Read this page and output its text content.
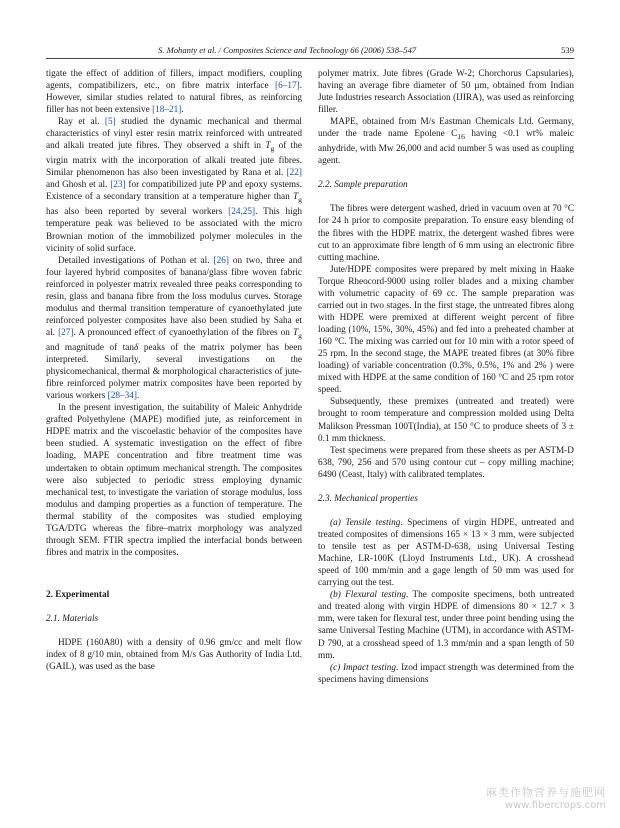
S. Mohanty et al. / Composites Science and Technology 66 (2006) 538–547	539

tigate the effect of addition of fillers, impact modifiers, coupling agents, compatibilizers, etc., on fibre matrix interface [6–17]. However, similar studies related to natural fibres, as reinforcing filler has not been extensive [18–21].

Ray et al. [5] studied the dynamic mechanical and thermal characteristics of vinyl ester resin matrix reinforced with untreated and alkali treated jute fibres. They observed a shift in $T_g$ of the virgin matrix with the incorporation of alkali treated jute fibres. Similar phenomenon has also been investigated by Rana et al. [22] and Ghosh et al. [23] for compatibilized jute PP and epoxy systems. Existence of a secondary transition at a temperature higher than $T_g$ has also been reported by several workers [24,25]. This high temperature peak was believed to be associated with the micro Brownian motion of the immobilized polymer molecules in the vicinity of solid surface.

Detailed investigations of Pothan et al. [26] on two, three and four layered hybrid composites of banana/glass fibre woven fabric reinforced in polyester matrix revealed three peaks corresponding to resin, glass and banana fibre from the loss modulus curves. Storage modulus and thermal transition temperature of cyanoethylated jute reinforced polyester composites have also been studied by Saha et al. [27]. A pronounced effect of cyanoethylation of the fibres on $T_g$ and magnitude of tanδ peaks of the matrix polymer has been interpreted. Similarly, several investigations on the physicomechanical, thermal & morphological characteristics of jute-fibre reinforced polymer matrix composites have been reported by various workers [28–34].

In the present investigation, the suitability of Maleic Anhydride grafted Polyethylene (MAPE) modified jute, as reinforcement in HDPE matrix and the viscoelastic behavior of the composites have been studied. A systematic investigation on the effect of fibre loading, MAPE concentration and fibre treatment time was undertaken to obtain optimum mechanical strength. The composites were also subjected to periodic stress employing dynamic mechanical test, to investigate the variation of storage modulus, loss modulus and damping properties as a function of temperature. The thermal stability of the composites was studied employing TGA/DTG whereas the fibre–matrix morphology was analyzed through SEM. FTIR spectra implied the interfacial bonds between fibres and matrix in the composites.

2. Experimental
2.1. Materials

HDPE (160A80) with a density of 0.96 gm/cc and melt flow index of 8 g/10 min, obtained from M/s Gas Authority of India Ltd. (GAIL), was used as the base

polymer matrix. Jute fibres (Grade W-2; Chorchorus Capsularies), having an average fibre diameter of 50 µm, obtained from Indian Jute Industries research Association (IJIRA), was used as reinforcing filler.

MAPE, obtained from M/s Eastman Chemicals Ltd. Germany, under the trade name Epolene $C_{16}$ having <0.1 wt% maleic anhydride, with Mw 26,000 and acid number 5 was used as coupling agent.

2.2. Sample preparation

The fibres were detergent washed, dried in vacuum oven at 70 °C for 24 h prior to composite preparation. To ensure easy blending of the fibres with the HDPE matrix, the detergent washed fibres were cut to an approximate fibre length of 6 mm using an electronic fibre cutting machine.

Jute/HDPE composites were prepared by melt mixing in Haake Torque Rheocord-9000 using roller blades and a mixing chamber with volumetric capacity of 69 cc. The sample preparation was carried out in two stages. In the first stage, the untreated fibres along with HDPE were premixed at different weight percent of fibre loading (10%, 15%, 30%, 45%) and fed into a preheated chamber at 160 °C. The mixing was carried out for 10 min with a rotor speed of 25 rpm. In the second stage, the MAPE treated fibres (at 30% fibre loading) of variable concentration (0.3%, 0.5%, 1% and 2% ) were mixed with HDPE at the same condition of 160 °C and 25 rpm rotor speed.

Subsequently, these premixes (untreated and treated) were brought to room temperature and compression molded using Delta Malikson Pressman 100T(India), at 150 °C to produce sheets of 3 ± 0.1 mm thickness.

Test specimens were prepared from these sheets as per ASTM-D 638, 790, 256 and 570 using contour cut – copy milling machine; 6490 (Ceast, Italy) with calibrated templates.

2.3. Mechanical properties

(a) Tensile testing. Specimens of virgin HDPE, untreated and treated composites of dimensions 165 × 13 × 3 mm, were subjected to tensile test as per ASTM-D-638, using Universal Testing Machine, LR-100K (Lloyd Instruments Ltd., UK). A crosshead speed of 100 mm/min and a gage length of 50 mm was used for carrying out the test.

(b) Flexural testing. The composite specimens, both untreated and treated along with virgin HDPE of dimensions 80 × 12.7 × 3 mm, were taken for flexural test, under three point bending using the same Universal Testing Machine (UTM), in accordance with ASTM-D 790, at a crosshead speed of 1.3 mm/min and a span length of 50 mm.

(c) Impact testing. Izod impact strength was determined from the specimens having dimensions

麻类作物营养与施肥网
www.fibercrops.com
